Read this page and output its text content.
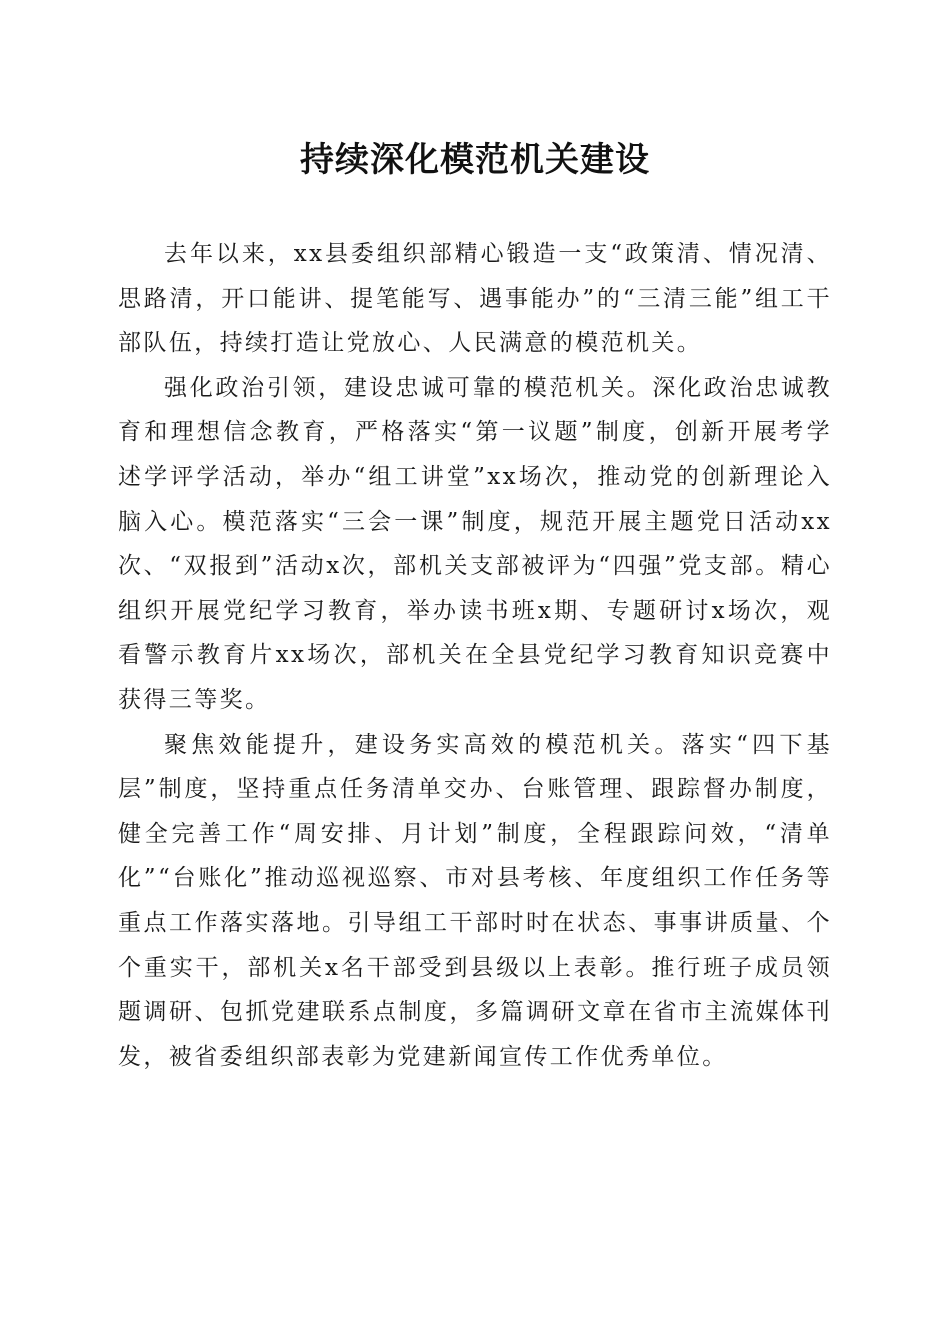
持续深化模范机关建设

去年以来，xx县委组织部精心锻造一支“政策清、情况清、思路清，开口能讲、提笔能写、遇事能办”的“三清三能”组工干部队伍，持续打造让党放心、人民满意的模范机关。

强化政治引领，建设忠诚可靠的模范机关。深化政治忠诚教育和理想信念教育，严格落实“第一议题”制度，创新开展考学述学评学活动，举办“组工讲堂”xx场次，推动党的创新理论入脑入心。模范落实“三会一课”制度，规范开展主题党日活动xx次、“双报到”活动x次，部机关支部被评为“四强”党支部。精心组织开展党纪学习教育，举办读书班x期、专题研讨x场次，观看警示教育片xx场次，部机关在全县党纪学习教育知识竞赛中获得三等奖。

聚焦效能提升，建设务实高效的模范机关。落实“四下基层”制度，坚持重点任务清单交办、台账管理、跟踪督办制度，健全完善工作“周安排、月计划”制度，全程跟踪问效，“清单化”“台账化”推动巡视巡察、市对县考核、年度组织工作任务等重点工作落实落地。引导组工干部时时在状态、事事讲质量、个个重实干，部机关x名干部受到县级以上表彰。推行班子成员领题调研、包抓党建联系点制度，多篇调研文章在省市主流媒体刊发，被省委组织部表彰为党建新闻宣传工作优秀单位。
